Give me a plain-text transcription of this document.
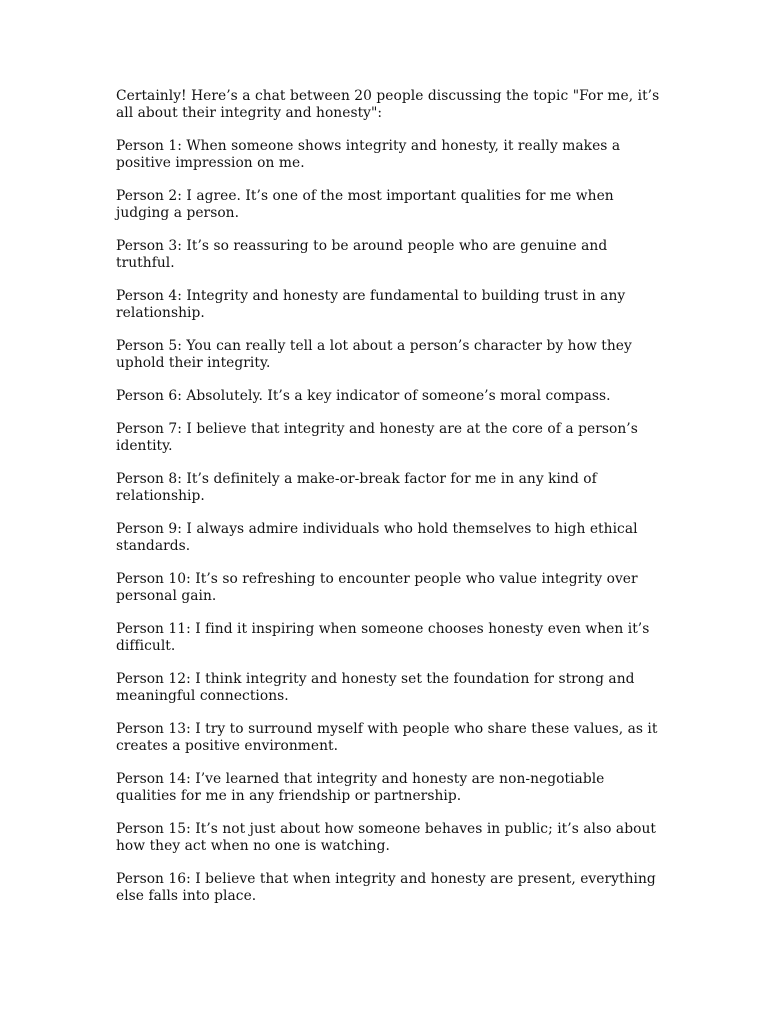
Certainly! Here’s a chat between 20 people discussing the topic "For me, it’s all about their integrity and honesty":

Person 1: When someone shows integrity and honesty, it really makes a positive impression on me.

Person 2: I agree. It’s one of the most important qualities for me when judging a person.

Person 3: It’s so reassuring to be around people who are genuine and truthful.

Person 4: Integrity and honesty are fundamental to building trust in any relationship.

Person 5: You can really tell a lot about a person’s character by how they uphold their integrity.

Person 6: Absolutely. It’s a key indicator of someone’s moral compass.

Person 7: I believe that integrity and honesty are at the core of a person’s identity.

Person 8: It’s definitely a make-or-break factor for me in any kind of relationship.

Person 9: I always admire individuals who hold themselves to high ethical standards.

Person 10: It’s so refreshing to encounter people who value integrity over personal gain.

Person 11: I find it inspiring when someone chooses honesty even when it’s difficult.

Person 12: I think integrity and honesty set the foundation for strong and meaningful connections.

Person 13: I try to surround myself with people who share these values, as it creates a positive environment.

Person 14: I’ve learned that integrity and honesty are non-negotiable qualities for me in any friendship or partnership.

Person 15: It’s not just about how someone behaves in public; it’s also about how they act when no one is watching.

Person 16: I believe that when integrity and honesty are present, everything else falls into place.
